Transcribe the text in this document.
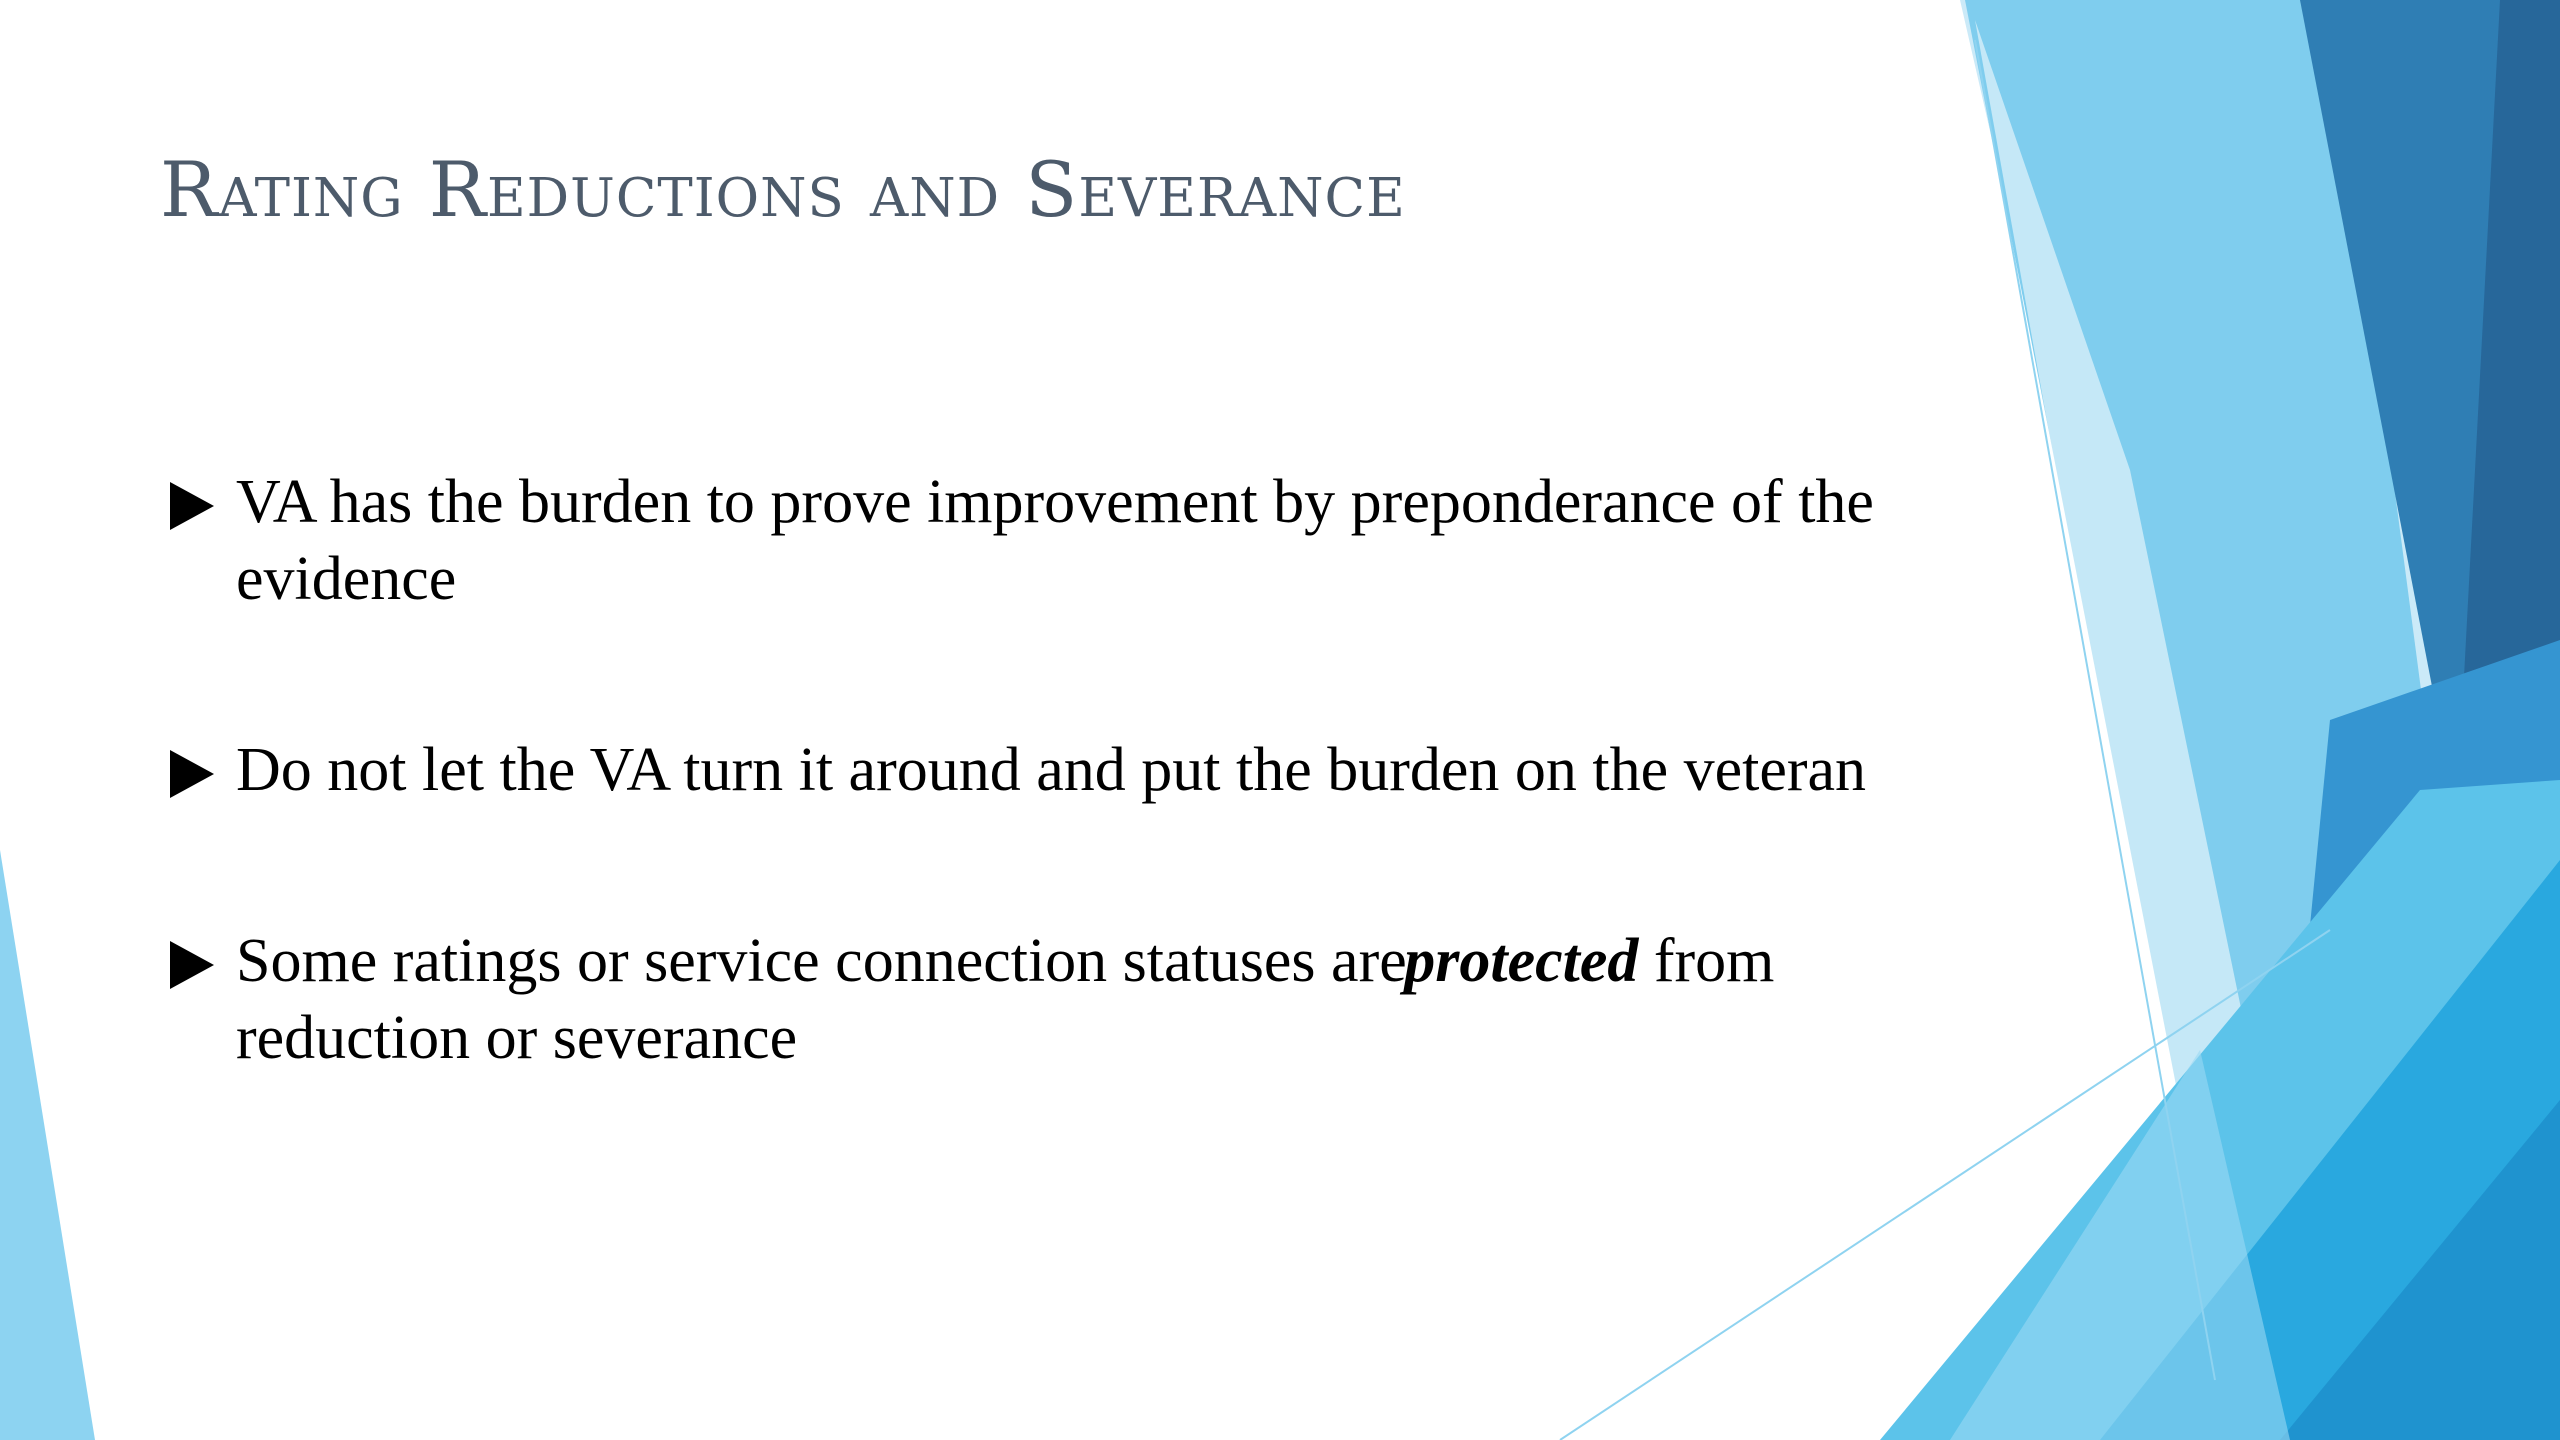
Rating Reductions and Severance
VA has the burden to prove improvement by preponderance of the evidence
Do not let the VA turn it around and put the burden on the veteran
Some ratings or service connection statuses are protected from reduction or severance
